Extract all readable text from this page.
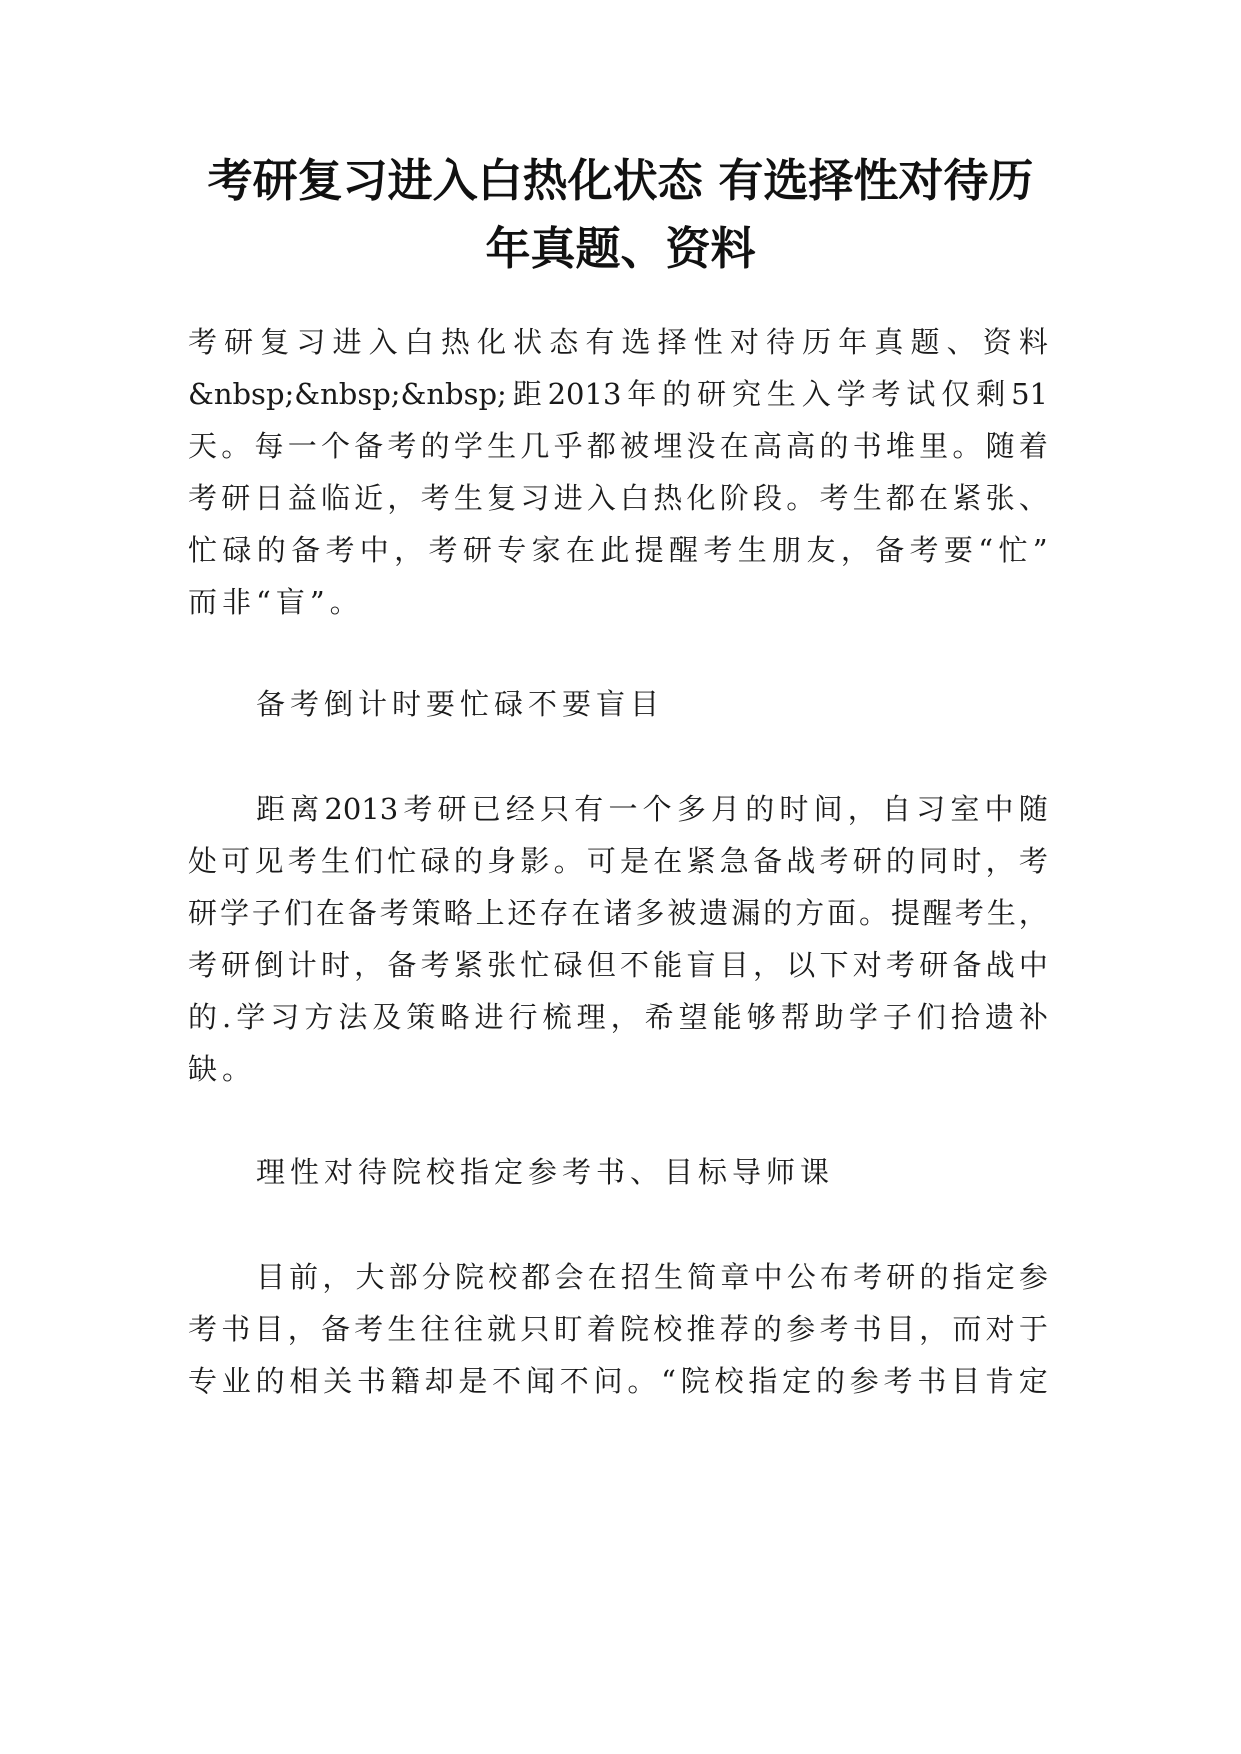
考研复习进入白热化状态 有选择性对待历
年真题、资料

考 研 复 习 进 入 白 热 化 状 态 有 选 择 性 对 待 历 年 真 题 、 资 料

&nbsp;&nbsp;&nbsp; 距 2013 年 的 研 究 生 入 学 考 试 仅 剩 51

天 。 每 一 个 备 考 的 学 生 几 乎 都 被 埋 没 在 高 高 的 书 堆 里 。 随 着

考 研 日 益 临 近 ， 考 生 复 习 进 入 白 热 化 阶 段 。 考 生 都 在 紧 张 、

忙 碌 的 备 考 中 ， 考 研 专 家 在 此 提 醒 考 生 朋 友 ， 备 考 要 “ 忙 ”

而非“盲”。

备考倒计时要忙碌不要盲目

距 离 2013 考 研 已 经 只 有 一 个 多 月 的 时 间 ， 自 习 室 中 随

处 可 见 考 生 们 忙 碌 的 身 影 。 可 是 在 紧 急 备 战 考 研 的 同 时 ， 考

研 学 子 们 在 备 考 策 略 上 还 存 在 诸 多 被 遗 漏 的 方 面 。 提 醒 考 生 ，

考 研 倒 计 时 ， 备 考 紧 张 忙 碌 但 不 能 盲 目 ， 以 下 对 考 研 备 战 中

的 . 学 习 方 法 及 策 略 进 行 梳 理 ， 希 望 能 够 帮 助 学 子 们 拾 遗 补

缺。

理性对待院校指定参考书、目标导师课

目 前 ， 大 部 分 院 校 都 会 在 招 生 简 章 中 公 布 考 研 的 指 定 参

考 书 目 ， 备 考 生 往 往 就 只 盯 着 院 校 推 荐 的 参 考 书 目 ， 而 对 于

专 业 的 相 关 书 籍 却 是 不 闻 不 问 。 “ 院 校 指 定 的 参 考 书 目 肯 定
